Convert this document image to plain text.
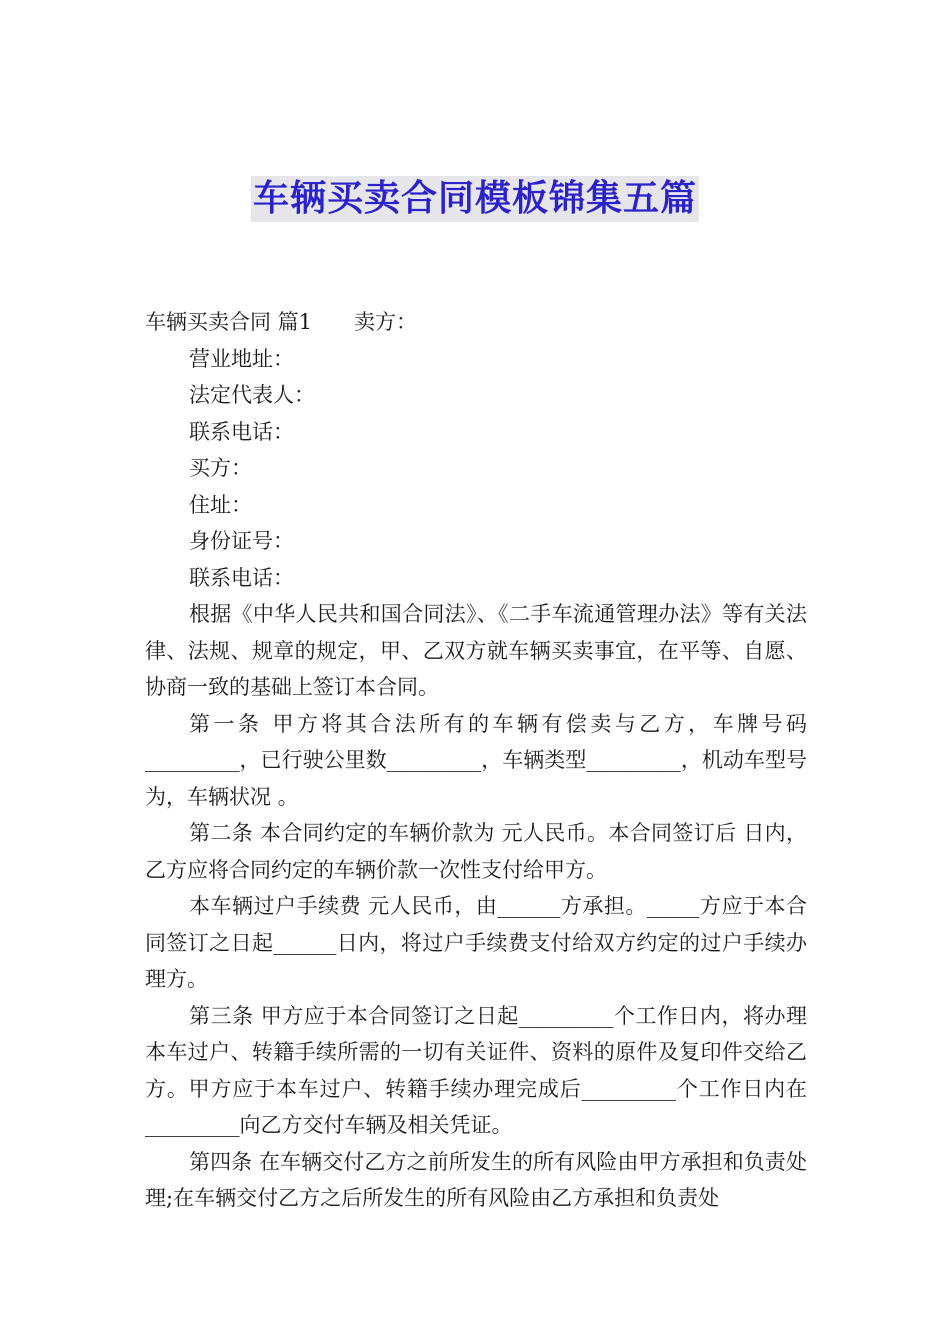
车辆买卖合同模板锦集五篇

车辆买卖合同 篇1 卖方：

营业地址：

法定代表人：

联系电话：

买方：

住址：

身份证号：

联系电话：

根据《中华人民共和国合同法》、《二手车流通管理办法》等有关法律、法规、规章的规定，甲、乙双方就车辆买卖事宜，在平等、自愿、协商一致的基础上签订本合同。

第一条 甲方将其合法所有的车辆有偿卖与乙方，车牌号码_________，已行驶公里数_________，车辆类型_________，机动车型号为，车辆状况 。

第二条 本合同约定的车辆价款为 元人民币。本合同签订后 日内，乙方应将合同约定的车辆价款一次性支付给甲方。

本车辆过户手续费 元人民币，由______方承担。_____方应于本合同签订之日起______日内，将过户手续费支付给双方约定的过户手续办理方。

第三条 甲方应于本合同签订之日起_________个工作日内，将办理本车过户、转籍手续所需的一切有关证件、资料的原件及复印件交给乙方。甲方应于本车过户、转籍手续办理完成后_________个工作日内在_________向乙方交付车辆及相关凭证。

第四条 在车辆交付乙方之前所发生的所有风险由甲方承担和负责处理;在车辆交付乙方之后所发生的所有风险由乙方承担和负责处
